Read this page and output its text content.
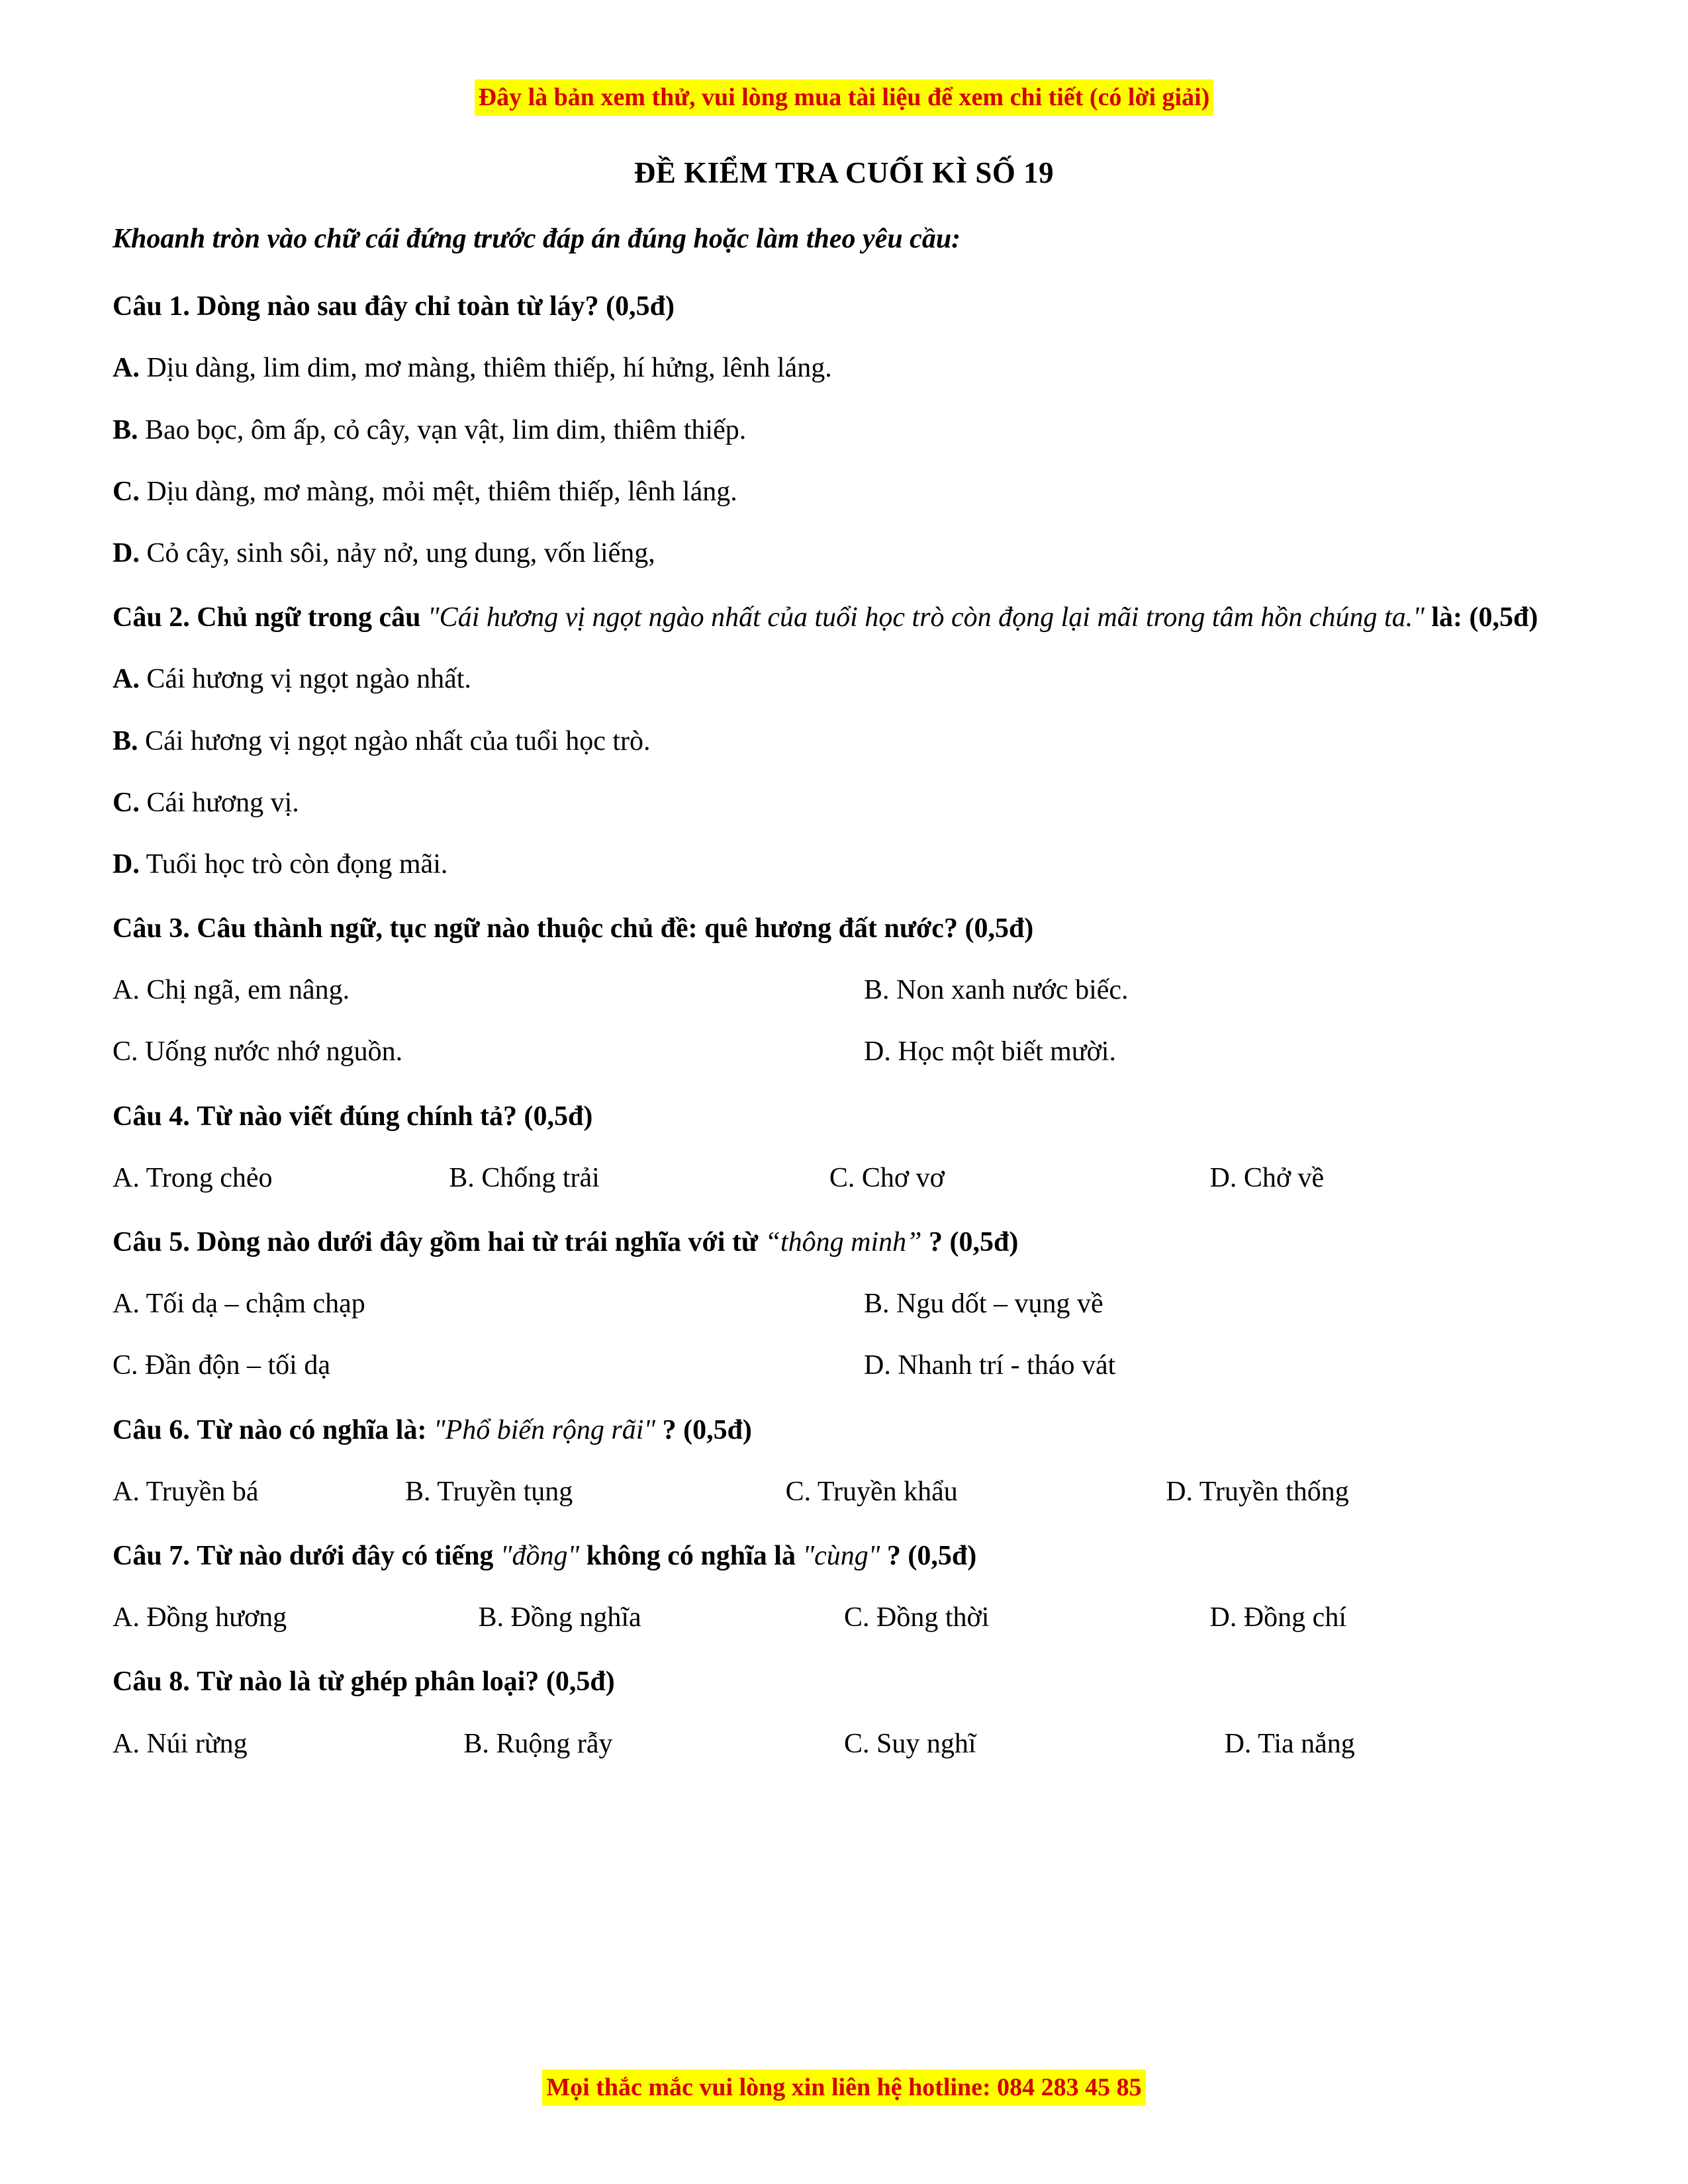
Đây là bản xem thử, vui lòng mua tài liệu để xem chi tiết (có lời giải)
ĐỀ KIỂM TRA CUỐI KÌ SỐ 19
Khoanh tròn vào chữ cái đứng trước đáp án đúng hoặc làm theo yêu cầu:
Câu 1. Dòng nào sau đây chỉ toàn từ láy? (0,5đ)
A. Dịu dàng, lim dim, mơ màng, thiêm thiếp, hí hửng, lênh láng.
B. Bao bọc, ôm ấp, cỏ cây, vạn vật, lim dim, thiêm thiếp.
C. Dịu dàng, mơ màng, mỏi mệt, thiêm thiếp, lênh láng.
D. Cỏ cây, sinh sôi, nảy nở, ung dung, vốn liếng,
Câu 2. Chủ ngữ trong câu "Cái hương vị ngọt ngào nhất của tuổi học trò còn đọng lại mãi trong tâm hồn chúng ta." là: (0,5đ)
A. Cái hương vị ngọt ngào nhất.
B. Cái hương vị ngọt ngào nhất của tuổi học trò.
C. Cái hương vị.
D. Tuổi học trò còn đọng mãi.
Câu 3. Câu thành ngữ, tục ngữ nào thuộc chủ đề: quê hương đất nước? (0,5đ)
A. Chị ngã, em nâng.	B. Non xanh nước biếc.
C. Uống nước nhớ nguồn.	D. Học một biết mười.
Câu 4. Từ nào viết đúng chính tả? (0,5đ)
A. Trong chẻo	B. Chống trải	C. Chơ vơ	D. Chở về
Câu 5. Dòng nào dưới đây gồm hai từ trái nghĩa với từ “thông minh” ? (0,5đ)
A. Tối dạ – chậm chạp	B. Ngu dốt – vụng về
C. Đần độn – tối dạ	D. Nhanh trí - tháo vát
Câu 6. Từ nào có nghĩa là: "Phổ biến rộng rãi" ? (0,5đ)
A. Truyền bá	B. Truyền tụng	C. Truyền khẩu	D. Truyền thống
Câu 7. Từ nào dưới đây có tiếng "đồng" không có nghĩa là "cùng" ? (0,5đ)
A. Đồng hương	B. Đồng nghĩa	C. Đồng thời	D. Đồng chí
Câu 8. Từ nào là từ ghép phân loại? (0,5đ)
A. Núi rừng	B. Ruộng rẫy	C. Suy nghĩ	D. Tia nắng
Mọi thắc mắc vui lòng xin liên hệ hotline: 084 283 45 85
